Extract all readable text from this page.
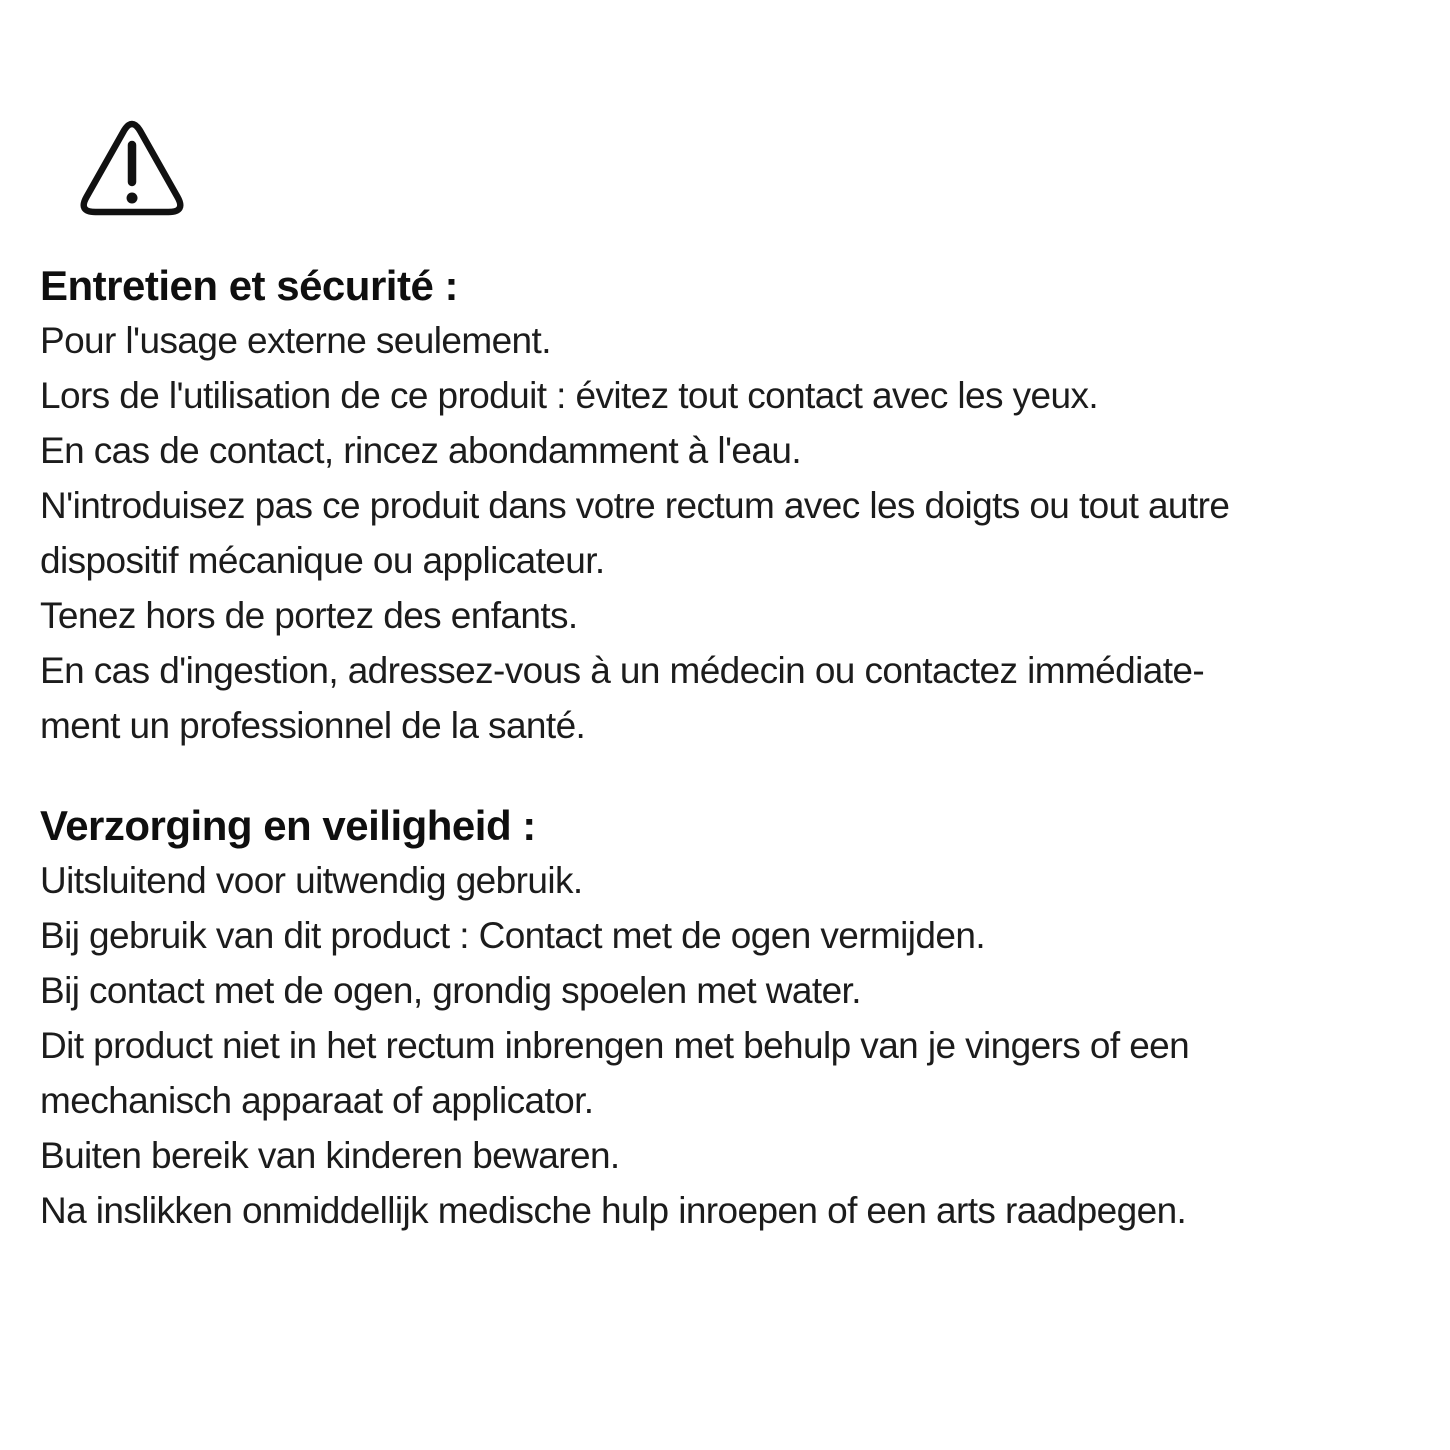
Entretien et sécurité :
Pour l'usage externe seulement.
Lors de l'utilisation de ce produit : évitez tout contact avec les yeux.
En cas de contact, rincez abondamment à l'eau.
N'introduisez pas ce produit dans votre rectum avec les doigts ou tout autre
dispositif mécanique ou applicateur.
Tenez hors de portez des enfants.
En cas d'ingestion, adressez-vous à un médecin ou contactez immédiate-
ment un professionnel de la santé.
Verzorging en veiligheid :
Uitsluitend voor uitwendig gebruik.
Bij gebruik van dit product : Contact met de ogen vermijden.
Bij contact met de ogen, grondig spoelen met water.
Dit product niet in het rectum inbrengen met behulp van je vingers of een
mechanisch apparaat of applicator.
Buiten bereik van kinderen bewaren.
Na inslikken onmiddellijk medische hulp inroepen of een arts raadpegen.
